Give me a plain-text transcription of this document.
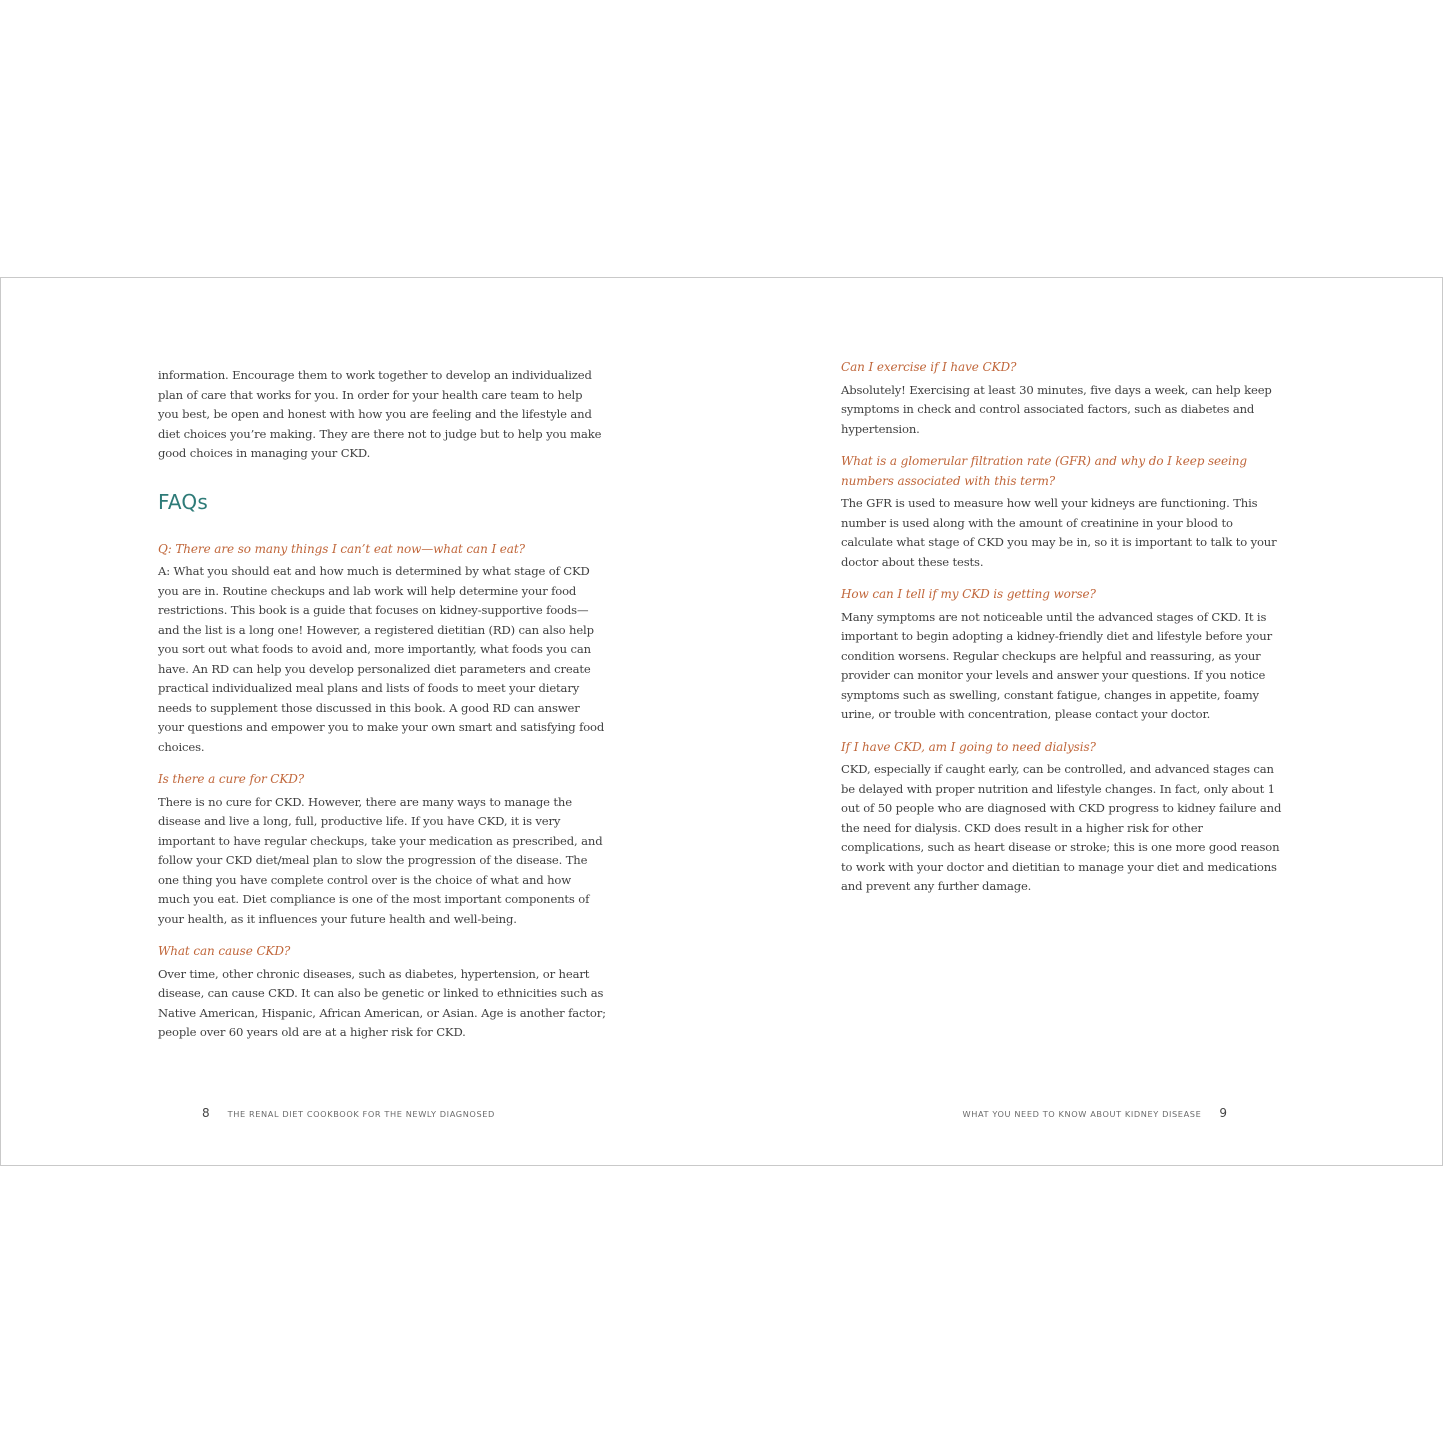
information. Encourage them to work together to develop an individualized plan of care that works for you. In order for your health care team to help you best, be open and honest with how you are feeling and the lifestyle and diet choices you’re making. They are there not to judge but to help you make good choices in managing your CKD.

FAQs

Q: There are so many things I can’t eat now—what can I eat?

A: What you should eat and how much is determined by what stage of CKD you are in. Routine checkups and lab work will help determine your food restrictions. This book is a guide that focuses on kidney-supportive foods—and the list is a long one! However, a registered dietitian (RD) can also help you sort out what foods to avoid and, more importantly, what foods you can have. An RD can help you develop personalized diet parameters and create practical individualized meal plans and lists of foods to meet your dietary needs to supplement those discussed in this book. A good RD can answer your questions and empower you to make your own smart and satisfying food choices.

Is there a cure for CKD?

There is no cure for CKD. However, there are many ways to manage the disease and live a long, full, productive life. If you have CKD, it is very important to have regular checkups, take your medication as prescribed, and follow your CKD diet/meal plan to slow the progression of the disease. The one thing you have complete control over is the choice of what and how much you eat. Diet compliance is one of the most important components of your health, as it influences your future health and well-being.

What can cause CKD?

Over time, other chronic diseases, such as diabetes, hypertension, or heart disease, can cause CKD. It can also be genetic or linked to ethnicities such as Native American, Hispanic, African American, or Asian. Age is another factor; people over 60 years old are at a higher risk for CKD.

Can I exercise if I have CKD?

Absolutely! Exercising at least 30 minutes, five days a week, can help keep symptoms in check and control associated factors, such as diabetes and hypertension.

What is a glomerular filtration rate (GFR) and why do I keep seeing numbers associated with this term?

The GFR is used to measure how well your kidneys are functioning. This number is used along with the amount of creatinine in your blood to calculate what stage of CKD you may be in, so it is important to talk to your doctor about these tests.

How can I tell if my CKD is getting worse?

Many symptoms are not noticeable until the advanced stages of CKD. It is important to begin adopting a kidney-friendly diet and lifestyle before your condition worsens. Regular checkups are helpful and reassuring, as your provider can monitor your levels and answer your questions. If you notice symptoms such as swelling, constant fatigue, changes in appetite, foamy urine, or trouble with concentration, please contact your doctor.

If I have CKD, am I going to need dialysis?

CKD, especially if caught early, can be controlled, and advanced stages can be delayed with proper nutrition and lifestyle changes. In fact, only about 1 out of 50 people who are diagnosed with CKD progress to kidney failure and the need for dialysis. CKD does result in a higher risk for other complications, such as heart disease or stroke; this is one more good reason to work with your doctor and dietitian to manage your diet and medications and prevent any further damage.

8 THE RENAL DIET COOKBOOK FOR THE NEWLY DIAGNOSED	WHAT YOU NEED TO KNOW ABOUT KIDNEY DISEASE 9
